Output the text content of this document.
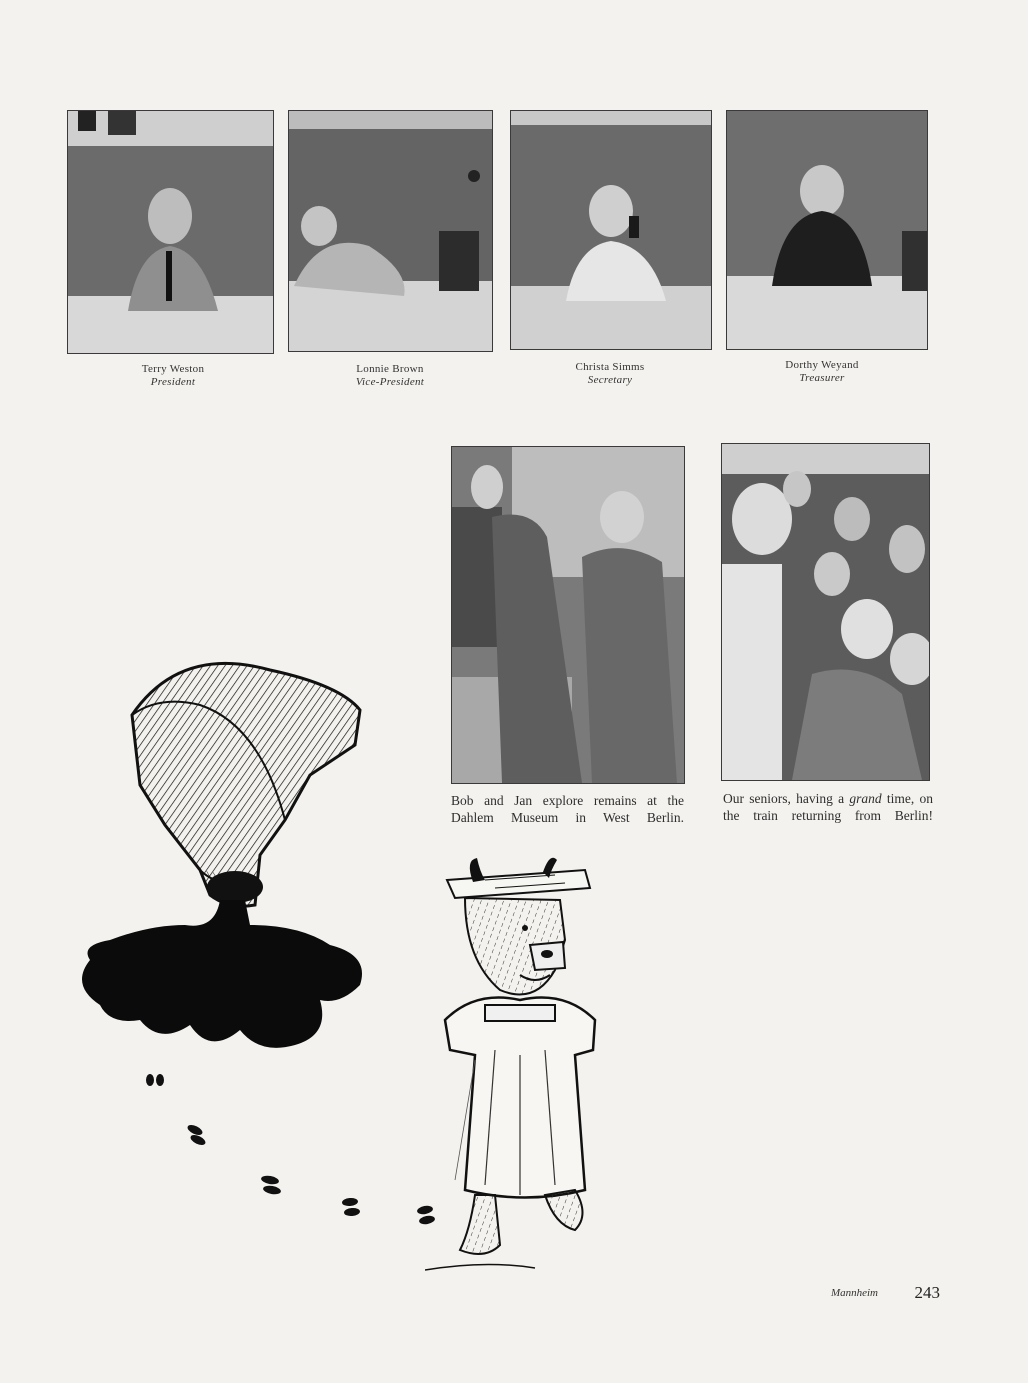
Terry Weston
President
Lonnie Brown
Vice-President
Christa Simms
Secretary
Dorthy Weyand
Treasurer
Bob and Jan explore remains at the Dahlem Museum in West Berlin.
Our seniors, having a grand time, on the train returning from Berlin!
Mannheim 243
